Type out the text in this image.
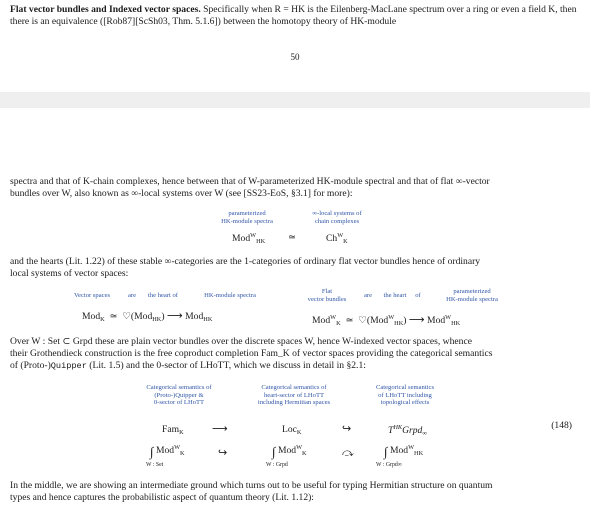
Flat vector bundles and Indexed vector spaces. Specifically when R = HK is the Eilenberg-MacLane spectrum over a ring or even a field K, then there is an equivalence ([Rob87][ScSh03, Thm. 5.1.6]) between the homotopy theory of HK-module
50
spectra and that of K-chain complexes, hence between that of W-parameterized HK-module spectral and that of flat ∞-vector
bundles over W, also known as ∞-local systems over W (see [SS23-EoS, §3.1] for more):
parameterized
HK-module spectra
∞-local systems of
chain complexes
Mod$^W_{HK}$ ≃	$Ch^W_K$
and the hearts (Lit. 1.22) of these stable ∞-categories are the 1-categories of ordinary flat vector bundles hence of ordinary
local systems of vector spaces:
Vector spaces	are	the heart of	HK-module spectra
Flat
vector bundles
are	the heart	of
parameterized
HK-module spectra
Mod$_K$  ≃  ♡(Mod$_{HK}$) ⟶ Mod$_{HK}$	Mod$^W_K$  ≃  ♡(Mod$^W_{HK}$) ⟶ Mod$^W_{HK}$
Over W : Set ⊂ Grpd these are plain vector bundles over the discrete spaces W, hence W-indexed vector spaces, whence
their Grothendieck construction is the free coproduct completion Fam_K of vector spaces providing the categorical semantics
of (Proto-)Quipper (Lit. 1.5) and the 0-sector of LHoTT, which we discuss in detail in §2.1:
Categorical semantics of
(Proto-)Quipper &
0-sector of LHoTT
Categorical semantics of
heart-sector of LHoTT
including Hermitian spaces
Categorical semantics
of LHoTT including
topological effects
Fam$_K$	⟶	Loc$_K$	↪	$T^{HK}Grpd_\infty$
(148)
∫ Mod$^W_K$
W : Set
↪	∫ Mod$^W_K$
W : Grpd
⤼ ∫ Mod$^W_{HK}$
W : Grpd∞
In the middle, we are showing an intermediate ground which turns out to be useful for typing Hermitian structure on quantum
types and hence captures the probabilistic aspect of quantum theory (Lit. 1.12):
